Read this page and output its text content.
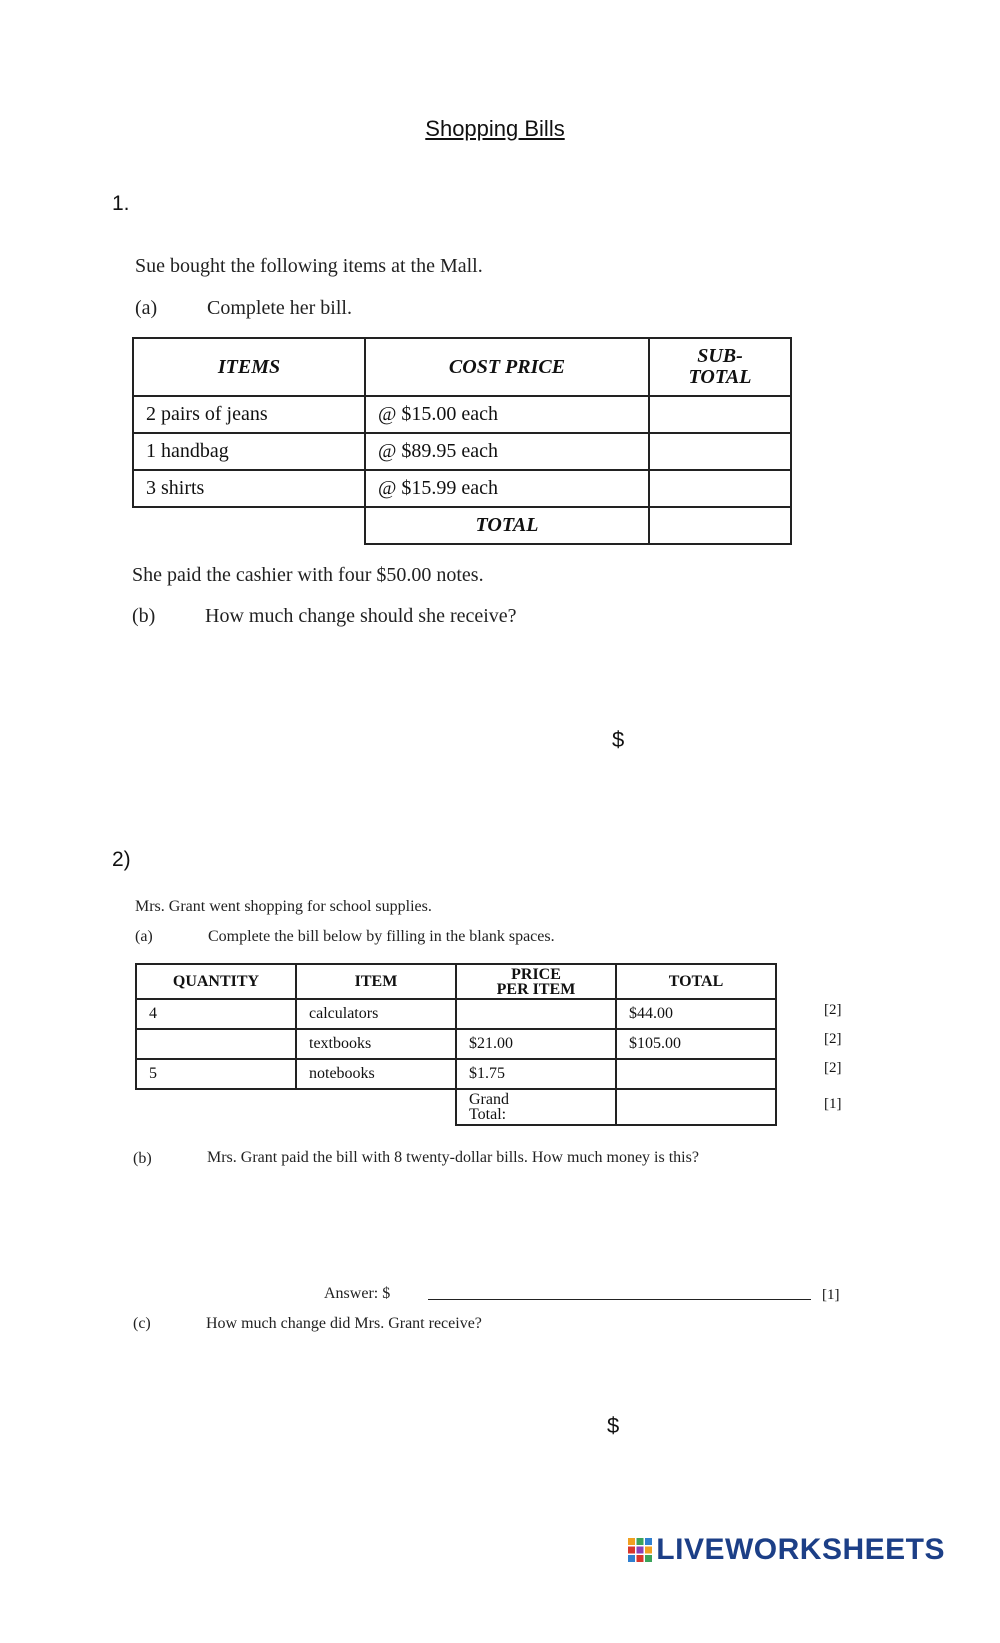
Shopping Bills
1.
Sue bought the following items at the Mall.
(a) Complete her bill.
ITEMS	COST PRICE	SUB-
TOTAL
2 pairs of jeans	@ $15.00 each	
1 handbag	@ $89.95 each	
3 shirts	@ $15.99 each	
	TOTAL	
She paid the cashier with four $50.00 notes.
(b) How much change should she receive?
$
2)
Mrs. Grant went shopping for school supplies.
(a)	Complete the bill below by filling in the blank spaces.
QUANTITY	ITEM	PRICE
PER ITEM	TOTAL
4	calculators		$44.00
	textbooks	$21.00	$105.00
5	notebooks	$1.75	
		Grand
Total:	
[2]
[2]
[2]
[1]
(b)	Mrs. Grant paid the bill with 8 twenty-dollar bills. How much money is this?
Answer: $	[1]
(c)	How much change did Mrs. Grant receive?
$
LIVEWORKSHEETS
